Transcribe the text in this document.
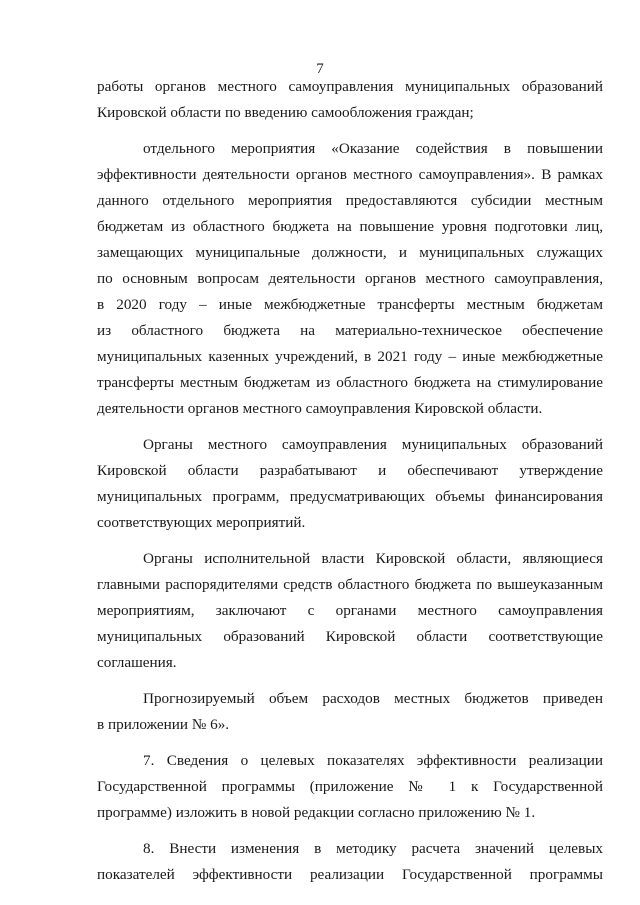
7
работы органов местного самоуправления муниципальных образований
Кировской области по введению самообложения граждан;
отдельного мероприятия «Оказание содействия в повышении
эффективности деятельности органов местного самоуправления». В рамках
данного отдельного мероприятия предоставляются субсидии местным
бюджетам из областного бюджета на повышение уровня подготовки лиц,
замещающих муниципальные должности, и муниципальных служащих
по основным вопросам деятельности органов местного самоуправления,
в 2020 году – иные межбюджетные трансферты местным бюджетам
из областного бюджета на материально-техническое обеспечение
муниципальных казенных учреждений, в 2021 году – иные межбюджетные
трансферты местным бюджетам из областного бюджета на стимулирование
деятельности органов местного самоуправления Кировской области.
Органы местного самоуправления муниципальных образований
Кировской области разрабатывают и обеспечивают утверждение
муниципальных программ, предусматривающих объемы финансирования
соответствующих мероприятий.
Органы исполнительной власти Кировской области, являющиеся
главными распорядителями средств областного бюджета по вышеуказанным
мероприятиям, заключают с органами местного самоуправления
муниципальных образований Кировской области соответствующие
соглашения.
Прогнозируемый объем расходов местных бюджетов приведен
в приложении № 6».
7. Сведения о целевых показателях эффективности реализации
Государственной программы (приложение № 1 к Государственной
программе) изложить в новой редакции согласно приложению № 1.
8. Внести изменения в методику расчета значений целевых
показателей эффективности реализации Государственной программы
